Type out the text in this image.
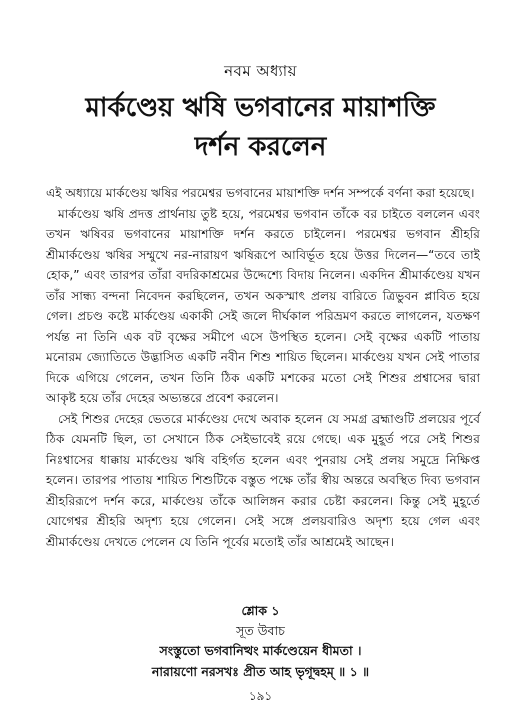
নবম অধ্যায়
মার্কণ্ডেয় ঋষি ভগবানের মায়াশক্তি
দর্শন করলেন

এই অধ্যায়ে মার্কণ্ডেয় ঋষির পরমেশ্বর ভগবানের মায়াশক্তি দর্শন সম্পর্কে বর্ণনা করা হয়েছে।

মার্কণ্ডেয় ঋষি প্রদত্ত প্রার্থনায় তুষ্ট হয়ে, পরমেশ্বর ভগবান তাঁকে বর চাইতে বললেন এবং তখন ঋষিবর ভগবানের মায়াশক্তি দর্শন করতে চাইলেন। পরমেশ্বর ভগবান শ্রীহরি শ্রীমার্কণ্ডেয় ঋষির সম্মুখে নর-নারায়ণ ঋষিরূপে আবির্ভূত হয়ে উত্তর দিলেন—“তবে তাই হোক,” এবং তারপর তাঁরা বদরিকাশ্রমের উদ্দেশ্যে বিদায় নিলেন। একদিন শ্রীমার্কণ্ডেয় যখন তাঁর সান্ধ্য বন্দনা নিবেদন করছিলেন, তখন অকস্মাৎ প্রলয় বারিতে ত্রিভুবন প্লাবিত হয়ে গেল। প্রচণ্ড কষ্টে মার্কণ্ডেয় একাকী সেই জলে দীর্ঘকাল পরিভ্রমণ করতে লাগলেন, যতক্ষণ পর্যন্ত না তিনি এক বট বৃক্ষের সমীপে এসে উপস্থিত হলেন। সেই বৃক্ষের একটি পাতায় মনোরম জ্যোতিতে উদ্ভাসিত একটি নবীন শিশু শায়িত ছিলেন। মার্কণ্ডেয় যখন সেই পাতার দিকে এগিয়ে গেলেন, তখন তিনি ঠিক একটি মশকের মতো সেই শিশুর প্রশ্বাসের দ্বারা আকৃষ্ট হয়ে তাঁর দেহের অভ্যন্তরে প্রবেশ করলেন।

সেই শিশুর দেহের ভেতরে মার্কণ্ডেয় দেখে অবাক হলেন যে সমগ্র ব্রহ্মাণ্ডটি প্রলয়ের পূর্বে ঠিক যেমনটি ছিল, তা সেখানে ঠিক সেইভাবেই রয়ে গেছে। এক মুহূর্ত পরে সেই শিশুর নিঃশ্বাসের ধাক্কায় মার্কণ্ডেয় ঋষি বহির্গত হলেন এবং পুনরায় সেই প্রলয় সমুদ্রে নিক্ষিপ্ত হলেন। তারপর পাতায় শায়িত শিশুটিকে বস্তুত পক্ষে তাঁর স্বীয় অন্তরে অবস্থিত দিব্য ভগবান শ্রীহরিরূপে দর্শন করে, মার্কণ্ডেয় তাঁকে আলিঙ্গন করার চেষ্টা করলেন। কিন্তু সেই মুহূর্তে যোগেশ্বর শ্রীহরি অদৃশ্য হয়ে গেলেন। সেই সঙ্গে প্রলয়বারিও অদৃশ্য হয়ে গেল এবং শ্রীমার্কণ্ডেয় দেখতে পেলেন যে তিনি পূর্বের মতোই তাঁর আশ্রমেই আছেন।

শ্লোক ১
সূত উবাচ
সংস্তুতো ভগবানিত্থং মার্কণ্ডেয়েন ধীমতা ।
নারায়ণো নরসখঃ প্রীত আহ ভৃগূদ্বহম্ ॥ ১ ॥
১৯১
